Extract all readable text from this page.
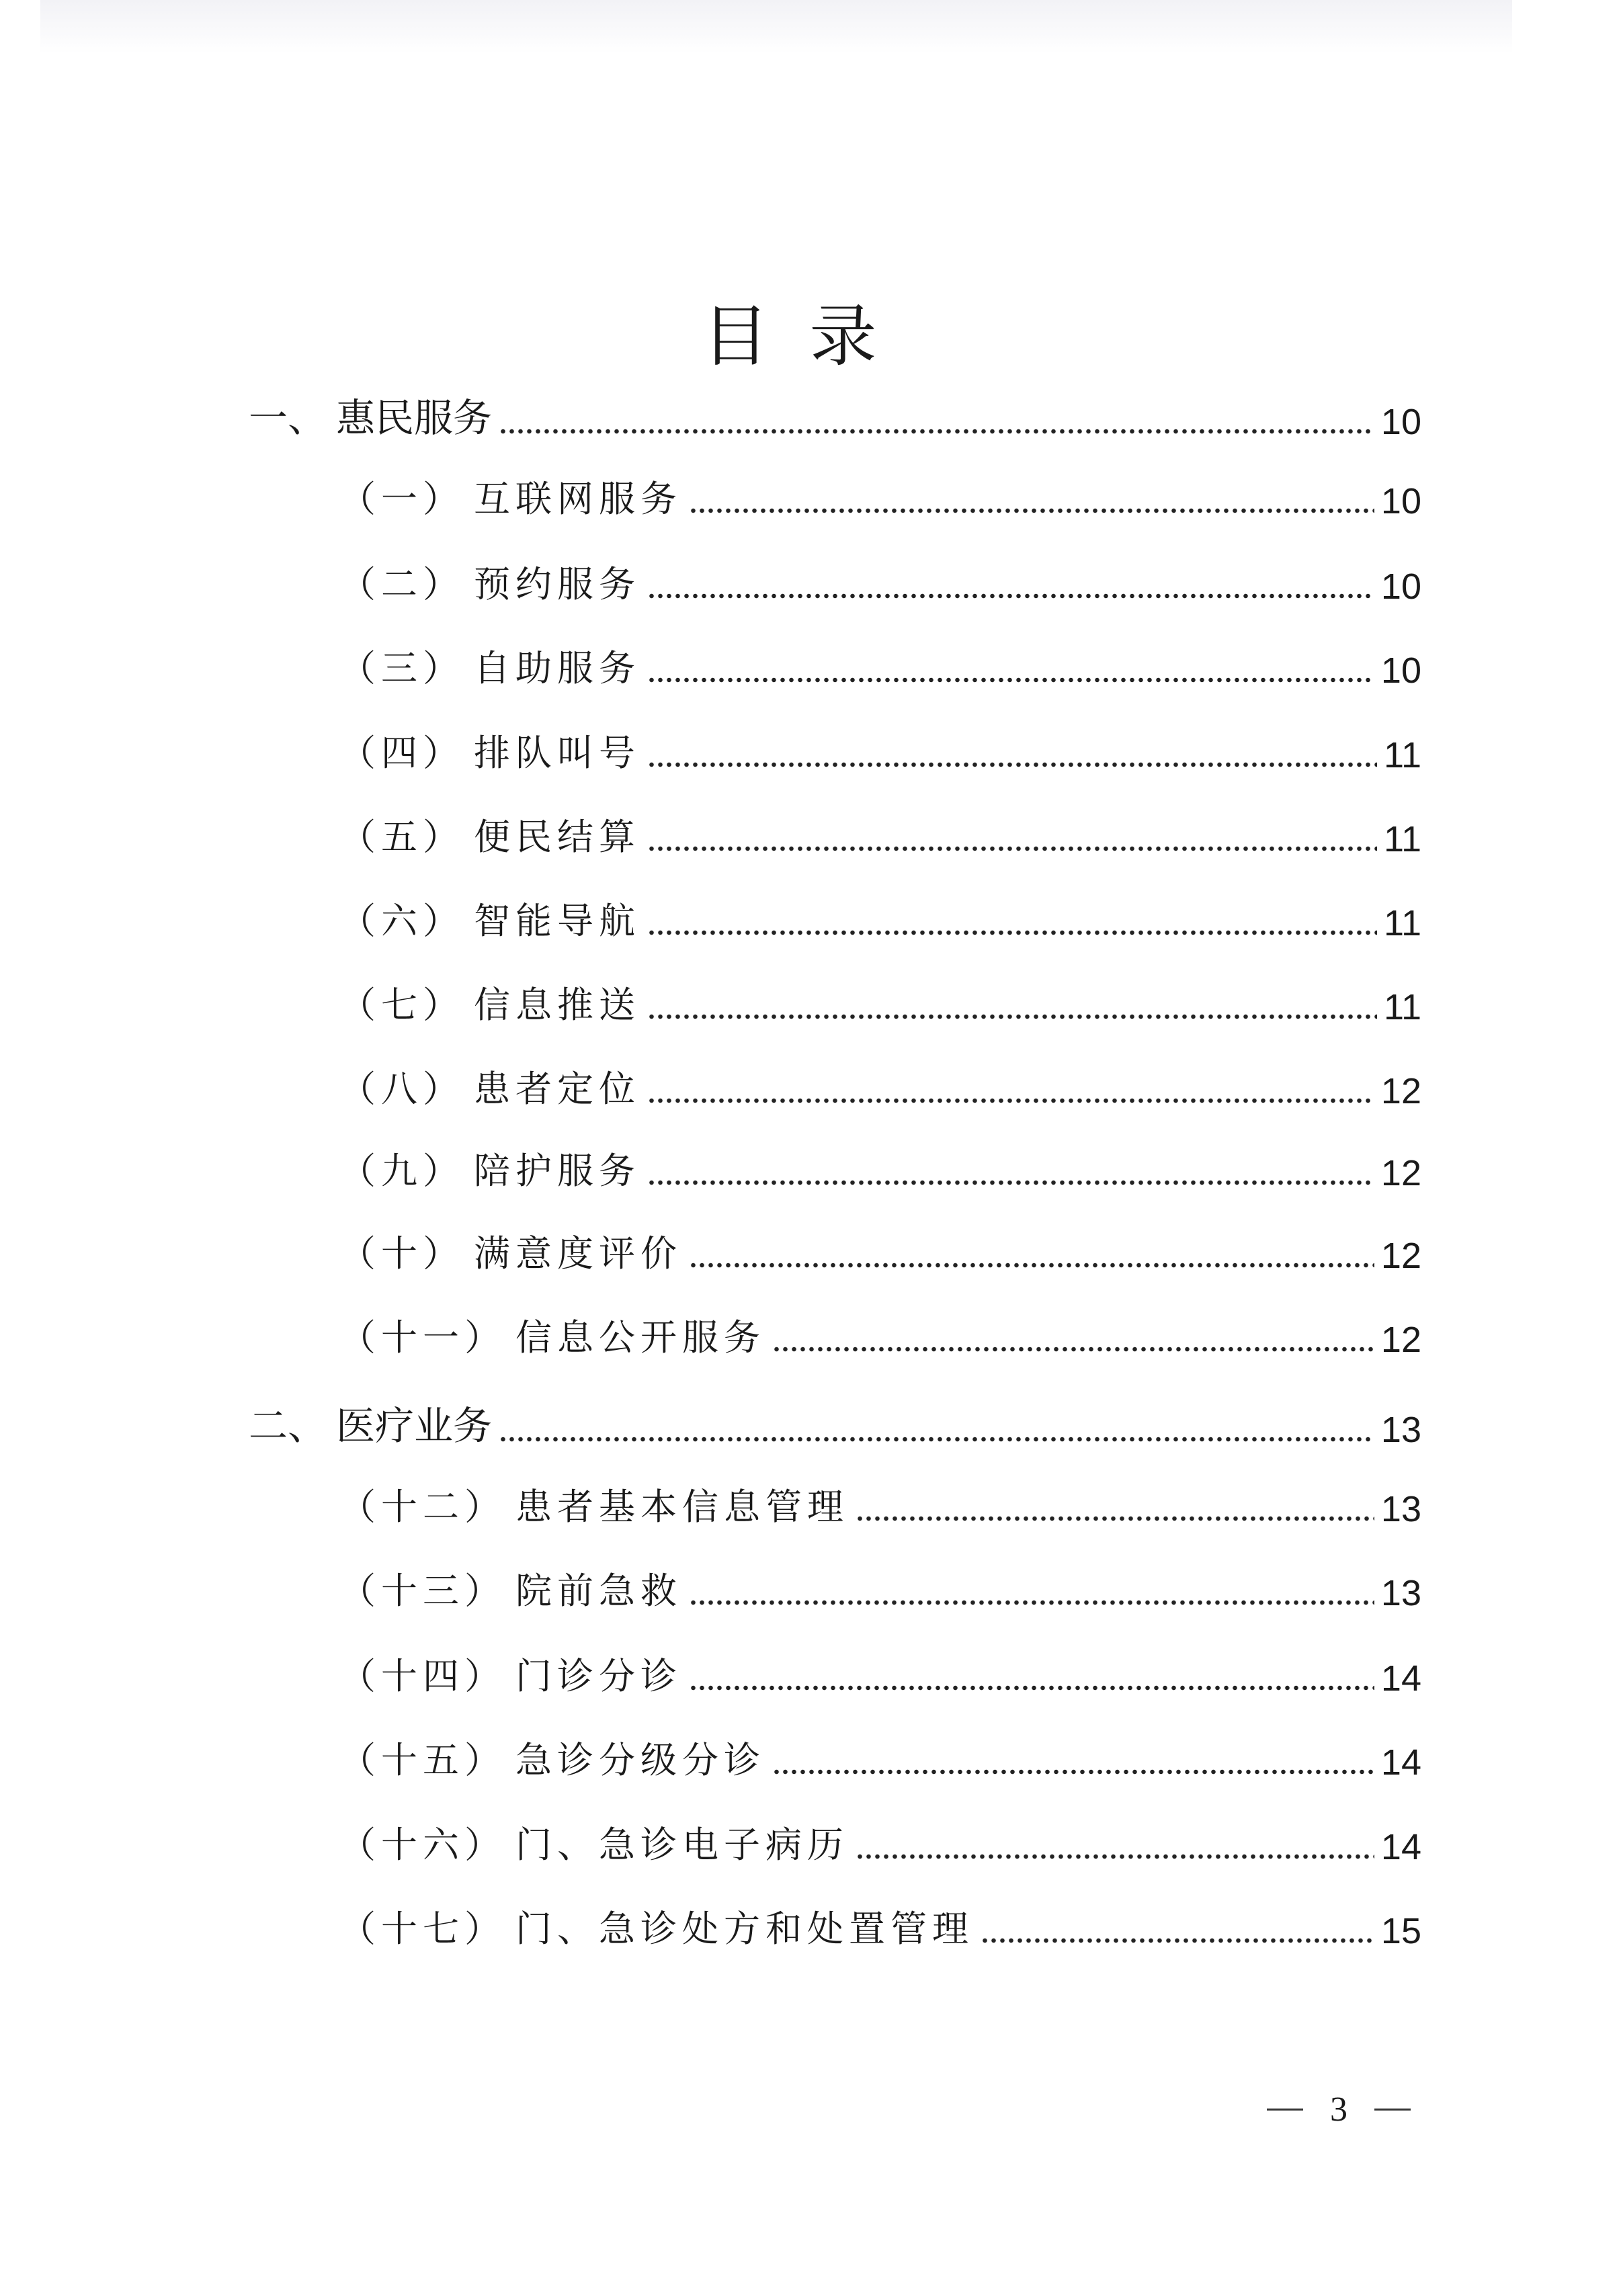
目录
一、 惠民服务	10
（一） 互联网服务	10
（二） 预约服务	10
（三） 自助服务	10
（四） 排队叫号	11
（五） 便民结算	11
（六） 智能导航	11
（七） 信息推送	11
（八） 患者定位	12
（九） 陪护服务	12
（十） 满意度评价	12
（十一） 信息公开服务	12
二、 医疗业务	13
（十二） 患者基本信息管理	13
（十三） 院前急救	13
（十四） 门诊分诊	14
（十五） 急诊分级分诊	14
（十六） 门、急诊电子病历	14
（十七） 门、急诊处方和处置管理	15
3
